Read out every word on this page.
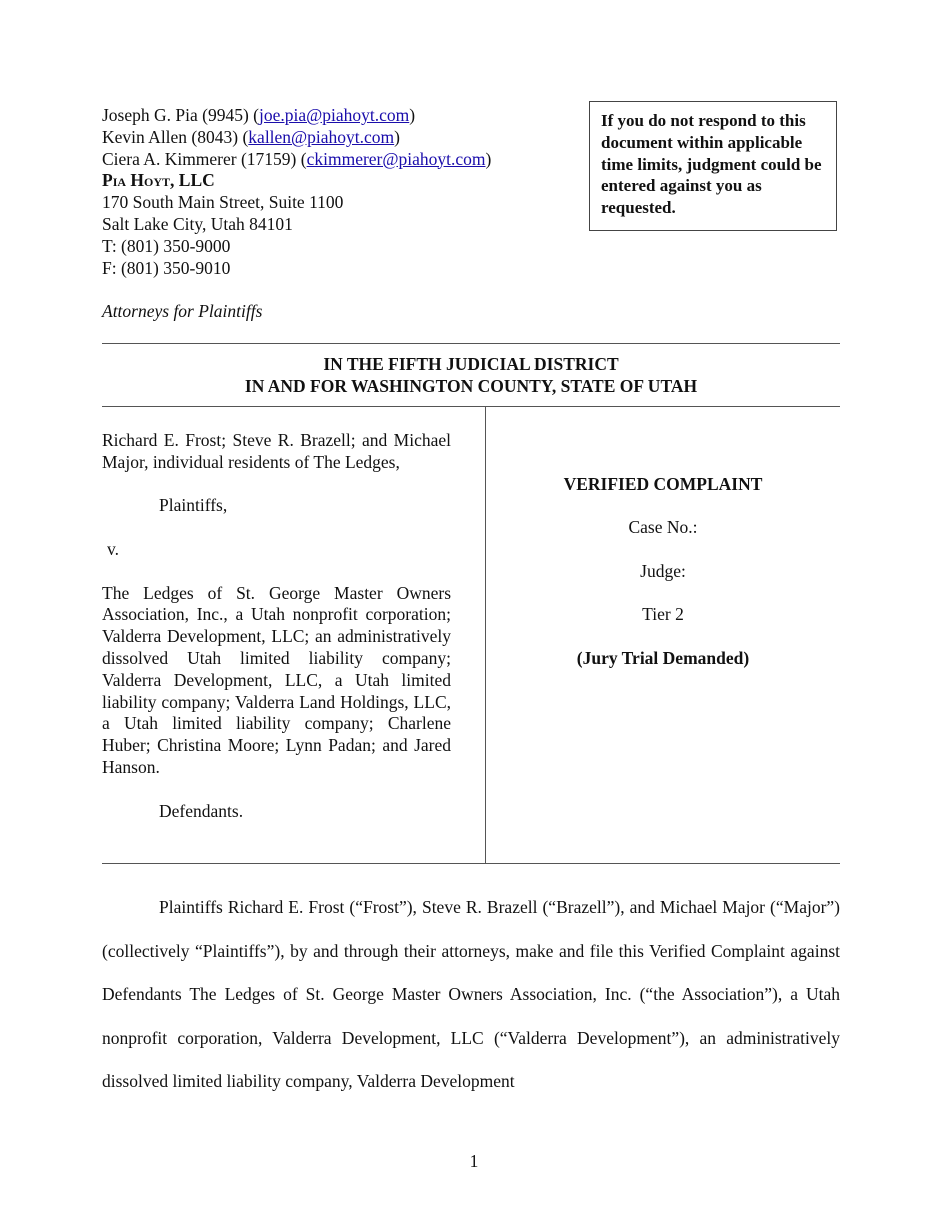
Joseph G. Pia (9945) (joe.pia@piahoyt.com)
Kevin Allen (8043) (kallen@piahoyt.com)
Ciera A. Kimmerer (17159) (ckimmerer@piahoyt.com)
Pia Hoyt, LLC
170 South Main Street, Suite 1100
Salt Lake City, Utah 84101
T: (801) 350-9000
F: (801) 350-9010
Attorneys for Plaintiffs
If you do not respond to this document within applicable time limits, judgment could be entered against you as requested.
IN THE FIFTH JUDICIAL DISTRICT
IN AND FOR WASHINGTON COUNTY, STATE OF UTAH

Richard E. Frost; Steve R. Brazell; and Michael Major, individual residents of The Ledges,

Plaintiffs,

v.

The Ledges of St. George Master Owners Association, Inc., a Utah nonprofit corporation; Valderra Development, LLC; an administratively dissolved Utah limited liability company; Valderra Development, LLC, a Utah limited liability company; Valderra Land Holdings, LLC, a Utah limited liability company; Charlene Huber; Christina Moore; Lynn Padan; and Jared Hanson.

Defendants.

VERIFIED COMPLAINT
Case No.:
Judge:
Tier 2
(Jury Trial Demanded)

Plaintiffs Richard E. Frost (“Frost”), Steve R. Brazell (“Brazell”), and Michael Major (“Major”) (collectively “Plaintiffs”), by and through their attorneys, make and file this Verified Complaint against Defendants The Ledges of St. George Master Owners Association, Inc. (“the Association”), a Utah nonprofit corporation, Valderra Development, LLC (“Valderra Development”), an administratively dissolved limited liability company, Valderra Development

1
